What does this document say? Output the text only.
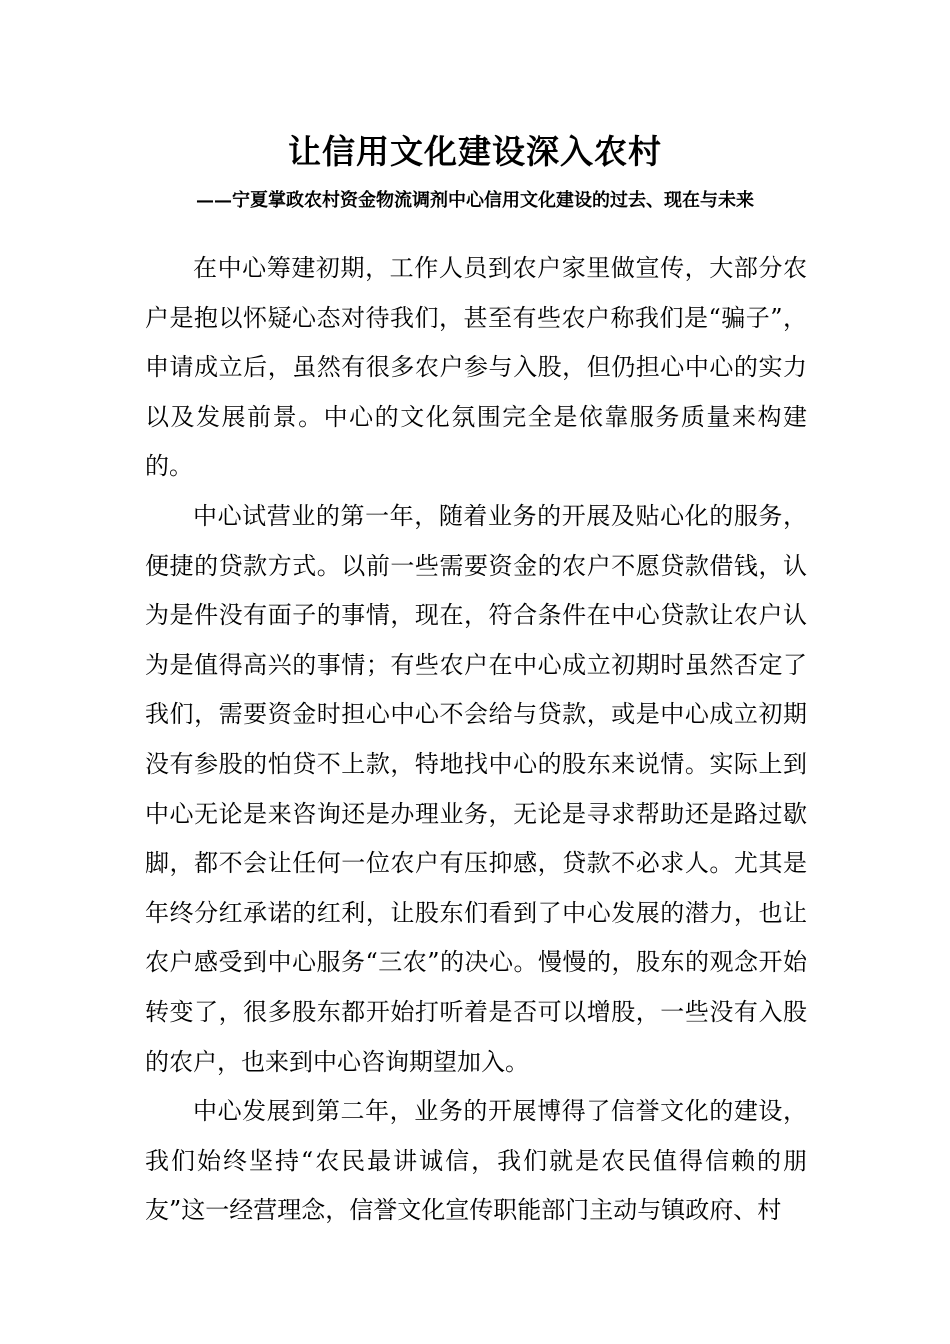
让信用文化建设深入农村
——宁夏掌政农村资金物流调剂中心信用文化建设的过去、现在与未来

在中心筹建初期，工作人员到农户家里做宣传，大部分农户是抱以怀疑心态对待我们，甚至有些农户称我们是“骗子”，申请成立后，虽然有很多农户参与入股，但仍担心中心的实力以及发展前景。中心的文化氛围完全是依靠服务质量来构建的。

中心试营业的第一年，随着业务的开展及贴心化的服务，便捷的贷款方式。以前一些需要资金的农户不愿贷款借钱，认为是件没有面子的事情，现在，符合条件在中心贷款让农户认为是值得高兴的事情；有些农户在中心成立初期时虽然否定了我们，需要资金时担心中心不会给与贷款，或是中心成立初期没有参股的怕贷不上款，特地找中心的股东来说情。实际上到中心无论是来咨询还是办理业务，无论是寻求帮助还是路过歇脚，都不会让任何一位农户有压抑感，贷款不必求人。尤其是年终分红承诺的红利，让股东们看到了中心发展的潜力，也让农户感受到中心服务“三农”的决心。慢慢的，股东的观念开始转变了，很多股东都开始打听着是否可以增股，一些没有入股的农户，也来到中心咨询期望加入。

中心发展到第二年，业务的开展博得了信誉文化的建设，我们始终坚持“农民最讲诚信，我们就是农民值得信赖的朋友”这一经营理念，信誉文化宣传职能部门主动与镇政府、村
